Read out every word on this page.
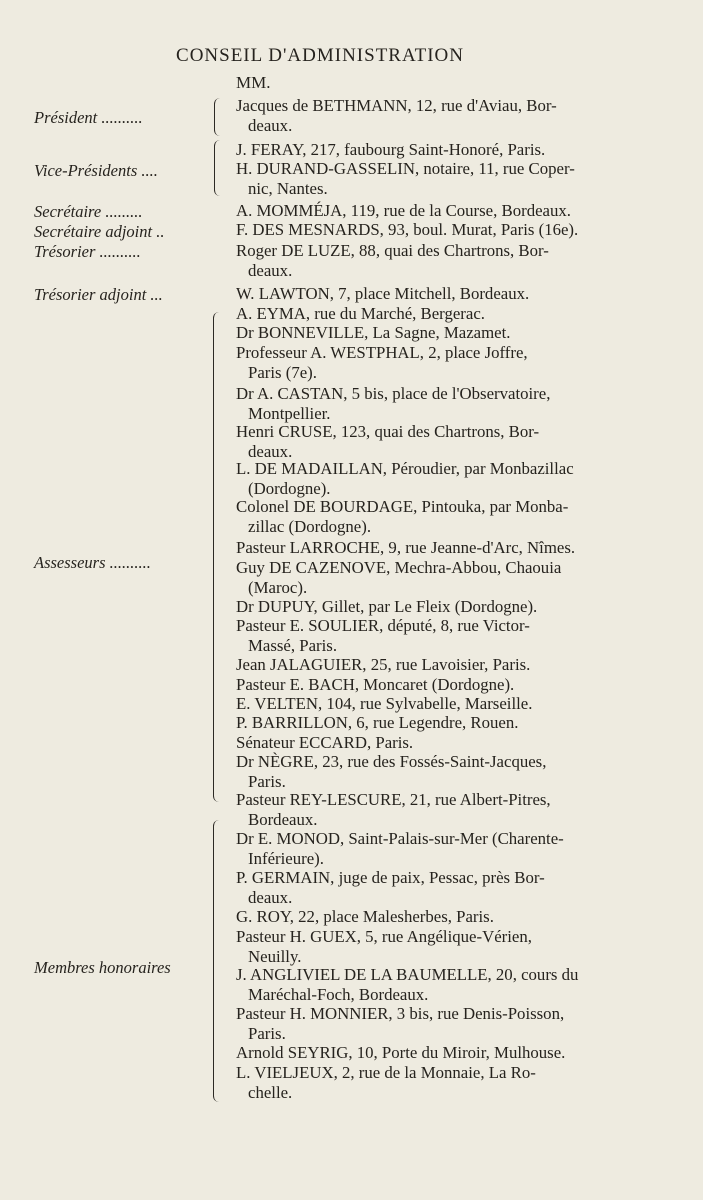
CONSEIL D'ADMINISTRATION
MM.
Président ..........
Vice-Présidents ....
Secrétaire .........
Secrétaire adjoint ..
Trésorier ..........
Trésorier adjoint ...
Assesseurs ..........
Membres honoraires
Jacques de BETHMANN, 12, rue d'Aviau, Bor-
deaux.
J. FERAY, 217, faubourg Saint-Honoré, Paris.
H. DURAND-GASSELIN, notaire, 11, rue Coper-
nic, Nantes.
A. MOMMÉJA, 119, rue de la Course, Bordeaux.
F. DES MESNARDS, 93, boul. Murat, Paris (16e).
Roger DE LUZE, 88, quai des Chartrons, Bor-
deaux.
W. LAWTON, 7, place Mitchell, Bordeaux.
A. EYMA, rue du Marché, Bergerac.
Dr BONNEVILLE, La Sagne, Mazamet.
Professeur A. WESTPHAL, 2, place Joffre,
Paris (7e).
Dr A. CASTAN, 5 bis, place de l'Observatoire,
Montpellier.
Henri CRUSE, 123, quai des Chartrons, Bor-
deaux.
L. DE MADAILLAN, Péroudier, par Monbazillac
(Dordogne).
Colonel DE BOURDAGE, Pintouka, par Monba-
zillac (Dordogne).
Pasteur LARROCHE, 9, rue Jeanne-d'Arc, Nîmes.
Guy DE CAZENOVE, Mechra-Abbou, Chaouia
(Maroc).
Dr DUPUY, Gillet, par Le Fleix (Dordogne).
Pasteur E. SOULIER, député, 8, rue Victor-
Massé, Paris.
Jean JALAGUIER, 25, rue Lavoisier, Paris.
Pasteur E. BACH, Moncaret (Dordogne).
E. VELTEN, 104, rue Sylvabelle, Marseille.
P. BARRILLON, 6, rue Legendre, Rouen.
Sénateur ECCARD, Paris.
Dr NÈGRE, 23, rue des Fossés-Saint-Jacques,
Paris.
Pasteur REY-LESCURE, 21, rue Albert-Pitres,
Bordeaux.
Dr E. MONOD, Saint-Palais-sur-Mer (Charente-
Inférieure).
P. GERMAIN, juge de paix, Pessac, près Bor-
deaux.
G. ROY, 22, place Malesherbes, Paris.
Pasteur H. GUEX, 5, rue Angélique-Vérien,
Neuilly.
J. ANGLIVIEL DE LA BAUMELLE, 20, cours du
Maréchal-Foch, Bordeaux.
Pasteur H. MONNIER, 3 bis, rue Denis-Poisson,
Paris.
Arnold SEYRIG, 10, Porte du Miroir, Mulhouse.
L. VIELJEUX, 2, rue de la Monnaie, La Ro-
chelle.
